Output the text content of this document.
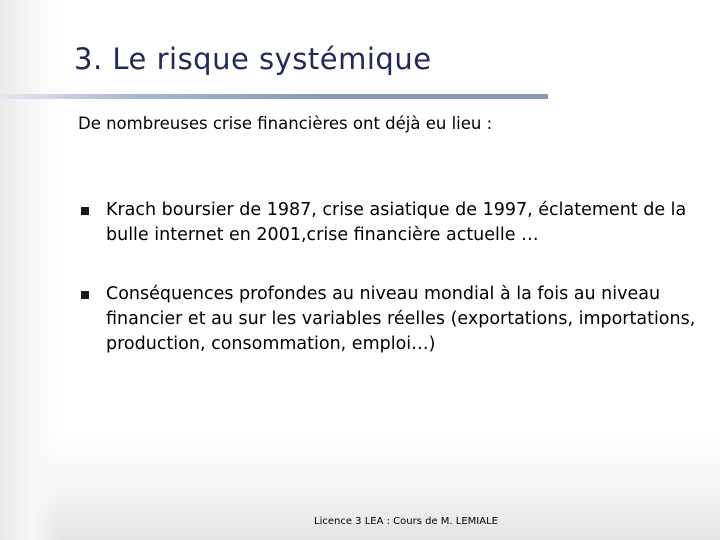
3. Le risque systémique
De nombreuses crise financières ont déjà eu lieu :
Krach boursier de 1987, crise asiatique de 1997, éclatement de la bulle internet en 2001,crise financière actuelle …
Conséquences profondes au niveau mondial à la fois au niveau financier et au sur les variables réelles (exportations, importations, production, consommation, emploi…)
Licence 3 LEA : Cours de M. LEMIALE
